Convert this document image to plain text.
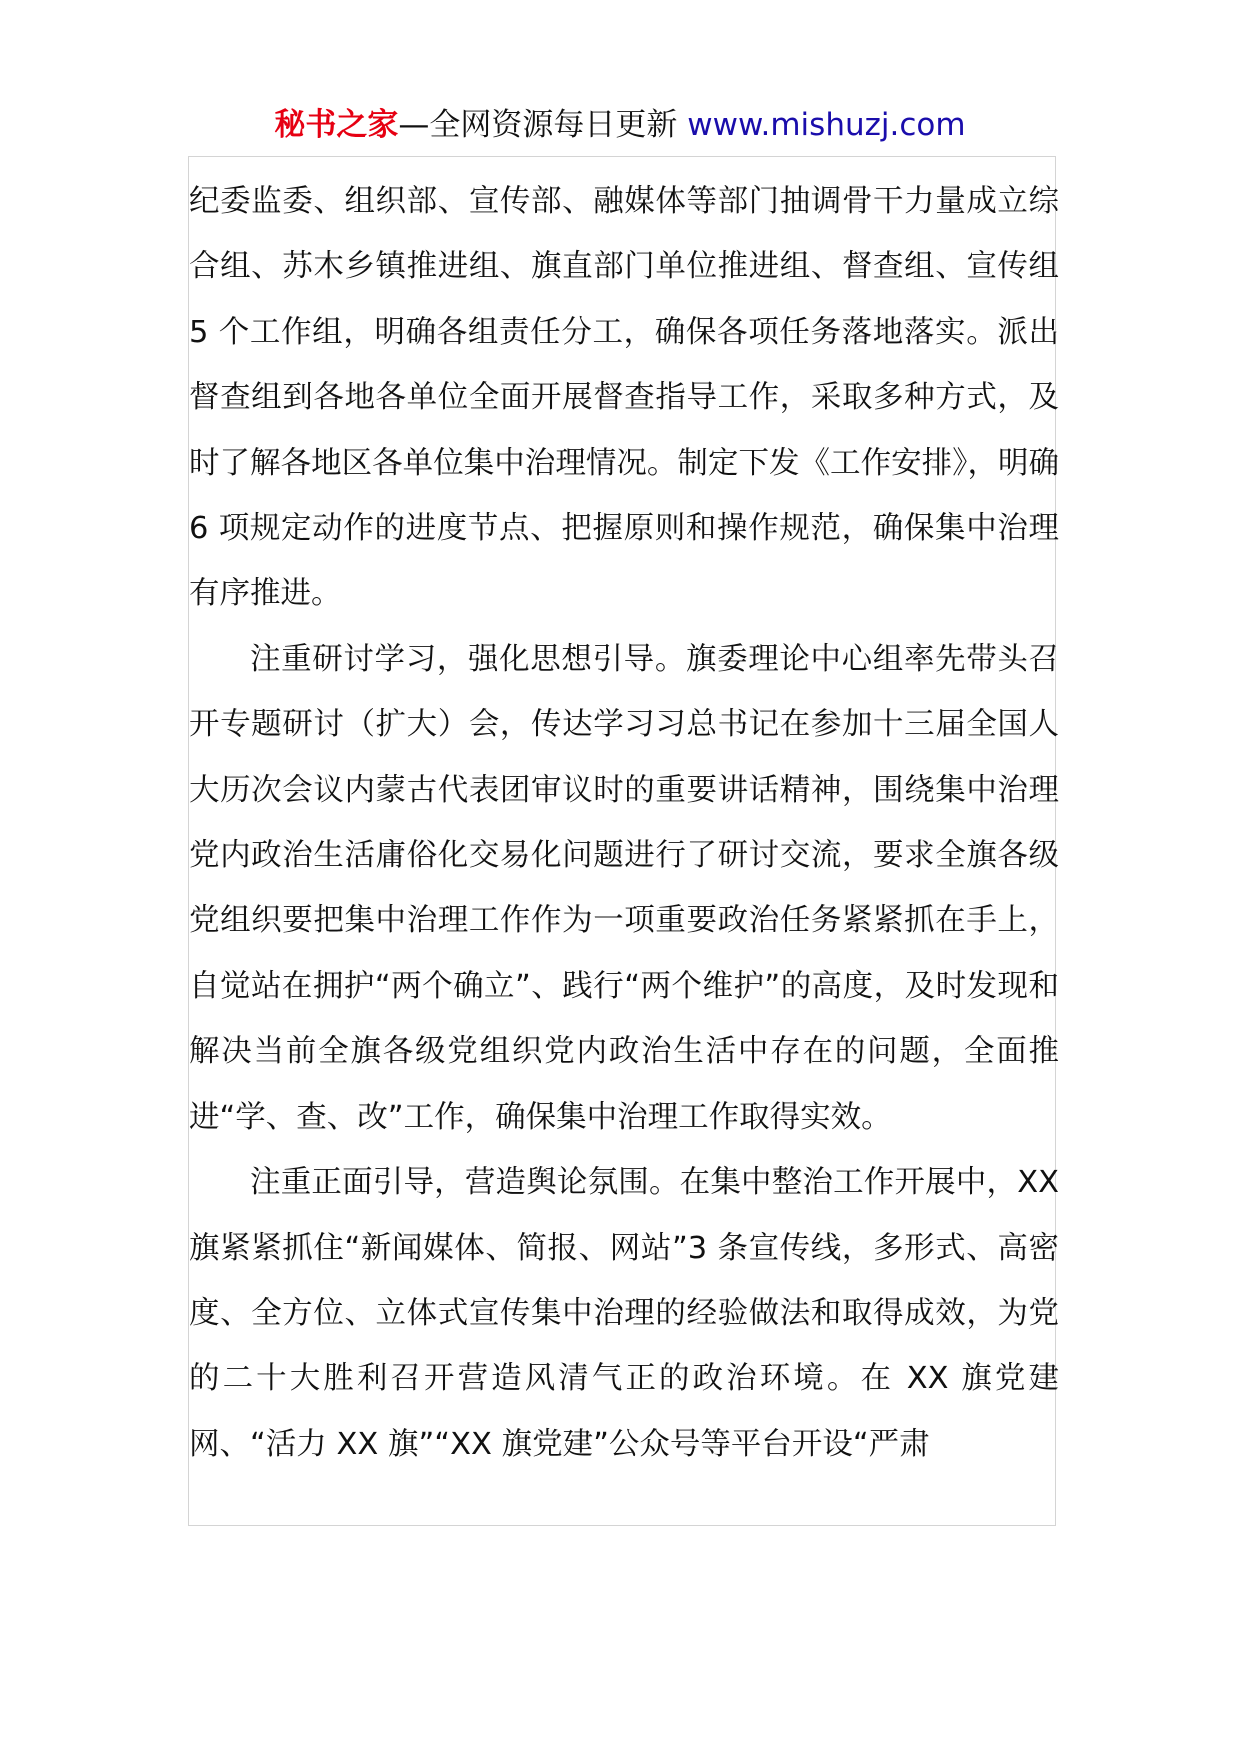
秘书之家—全网资源每日更新 www.mishuzj.com

纪委监委、组织部、宣传部、融媒体等部门抽调骨干力量成立综合组、苏木乡镇推进组、旗直部门单位推进组、督查组、宣传组 5 个工作组，明确各组责任分工，确保各项任务落地落实。派出督查组到各地各单位全面开展督查指导工作，采取多种方式，及时了解各地区各单位集中治理情况。制定下发《工作安排》，明确 6 项规定动作的进度节点、把握原则和操作规范，确保集中治理有序推进。

注重研讨学习，强化思想引导。旗委理论中心组率先带头召开专题研讨（扩大）会，传达学习习总书记在参加十三届全国人大历次会议内蒙古代表团审议时的重要讲话精神，围绕集中治理党内政治生活庸俗化交易化问题进行了研讨交流，要求全旗各级党组织要把集中治理工作作为一项重要政治任务紧紧抓在手上，自觉站在拥护“两个确立”、践行“两个维护”的高度，及时发现和解决当前全旗各级党组织党内政治生活中存在的问题，全面推进“学、查、改”工作，确保集中治理工作取得实效。

注重正面引导，营造舆论氛围。在集中整治工作开展中，XX 旗紧紧抓住“新闻媒体、简报、网站”3 条宣传线，多形式、高密度、全方位、立体式宣传集中治理的经验做法和取得成效，为党的二十大胜利召开营造风清气正的政治环境。在 XX 旗党建网、“活力 XX 旗”“XX 旗党建”公众号等平台开设“严肃
